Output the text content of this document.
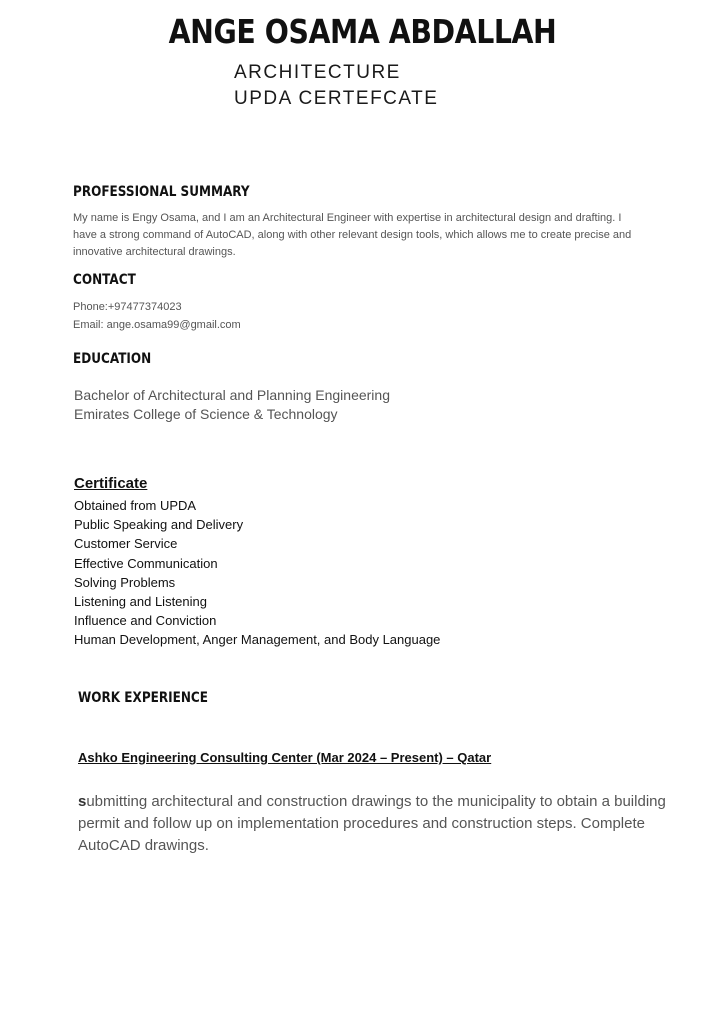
ANGE OSAMA ABDALLAH
ARCHITECTURE
UPDA CERTEFCATE
PROFESSIONAL SUMMARY
My name is Engy Osama, and I am an Architectural Engineer with expertise in architectural design and drafting. I have a strong command of AutoCAD, along with other relevant design tools, which allows me to create precise and innovative architectural drawings.
CONTACT
Phone:+97477374023
Email: ange.osama99@gmail.com
EDUCATION
Bachelor of Architectural and Planning Engineering
Emirates College of Science & Technology
Certificate
Obtained from UPDA
Public Speaking and Delivery
Customer Service
Effective Communication
Solving Problems
Listening and Listening
Influence and Conviction
Human Development, Anger Management, and Body Language
WORK EXPERIENCE
Ashko Engineering Consulting Center (Mar 2024 – Present) – Qatar
submitting architectural and construction drawings to the municipality to obtain a building permit and follow up on implementation procedures and construction steps. Complete AutoCAD drawings.
